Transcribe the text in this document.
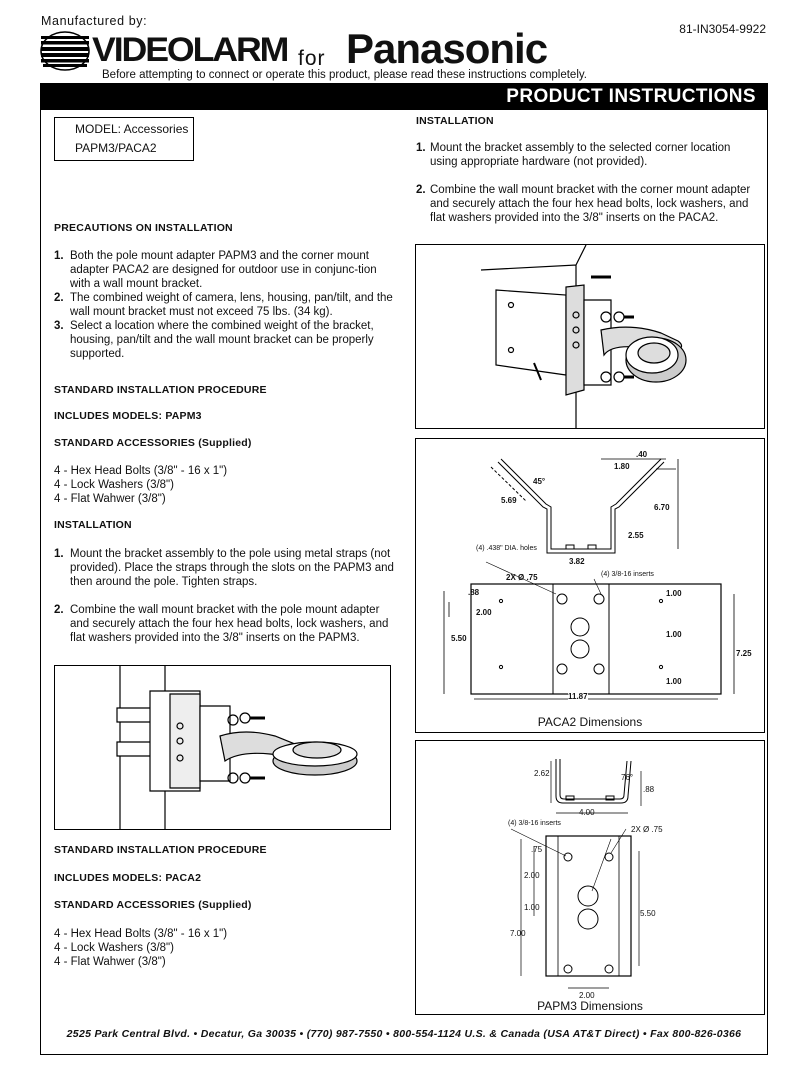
Manufactured by:
81-IN3054-9922
VIDEOLARM for Panasonic
Before attempting to connect or operate this product, please read these instructions completely.
PRODUCT INSTRUCTIONS
MODEL: Accessories
PAPM3/PACA2
PRECAUTIONS ON INSTALLATION
1. Both the pole mount adapter PAPM3 and the corner mount adapter PACA2 are designed for outdoor use in conjunc-tion with a wall mount bracket.
2. The combined weight of camera, lens, housing, pan/tilt, and the wall mount bracket must not exceed 75 lbs. (34 kg).
3. Select a location where the combined weight of the bracket, housing, pan/tilt and the wall mount bracket can be properly supported.
STANDARD INSTALLATION PROCEDURE
INCLUDES MODELS: PAPM3
STANDARD ACCESSORIES (Supplied)
4 - Hex Head Bolts (3/8" - 16 x 1")
4 - Lock Washers (3/8")
4 - Flat Wahwer (3/8")
INSTALLATION
1. Mount the bracket assembly to the pole using metal straps (not provided). Place the straps through the slots on the PAPM3 and then around the pole. Tighten straps.
2. Combine the wall mount bracket with the pole mount adapter and securely attach the four hex head bolts, lock washers, and flat washers provided into the 3/8" inserts on the PAPM3.
STANDARD INSTALLATION PROCEDURE
INCLUDES MODELS: PACA2
STANDARD ACCESSORIES (Supplied)
4 - Hex Head Bolts (3/8" - 16 x 1")
4 - Lock Washers (3/8")
4 - Flat Wahwer (3/8")
INSTALLATION
1. Mount the bracket assembly to the selected corner location using appropriate hardware (not provided).
2. Combine the wall mount bracket with the corner mount adapter and securely attach the four hex head bolts, lock washers, and flat washers provided into the 3/8" inserts on the PACA2.
.40
1.80
45°
5.69
6.70
2.55
3.82
(4) .438" DIA. holes
(4) 3/8-16 inserts
2X Ø .75
.88
2.00
5.50
1.00
1.00
7.25
1.00
11.87
PACA2 Dimensions
2.62	76°
.88
4.00
(4) 3/8-16 inserts
2X Ø .75
.75
2.00
1.00
7.00
5.50
2.00
PAPM3 Dimensions
2525 Park Central Blvd. • Decatur, Ga 30035 • (770) 987-7550 • 800-554-1124 U.S. & Canada (USA AT&T Direct) • Fax 800-826-0366
